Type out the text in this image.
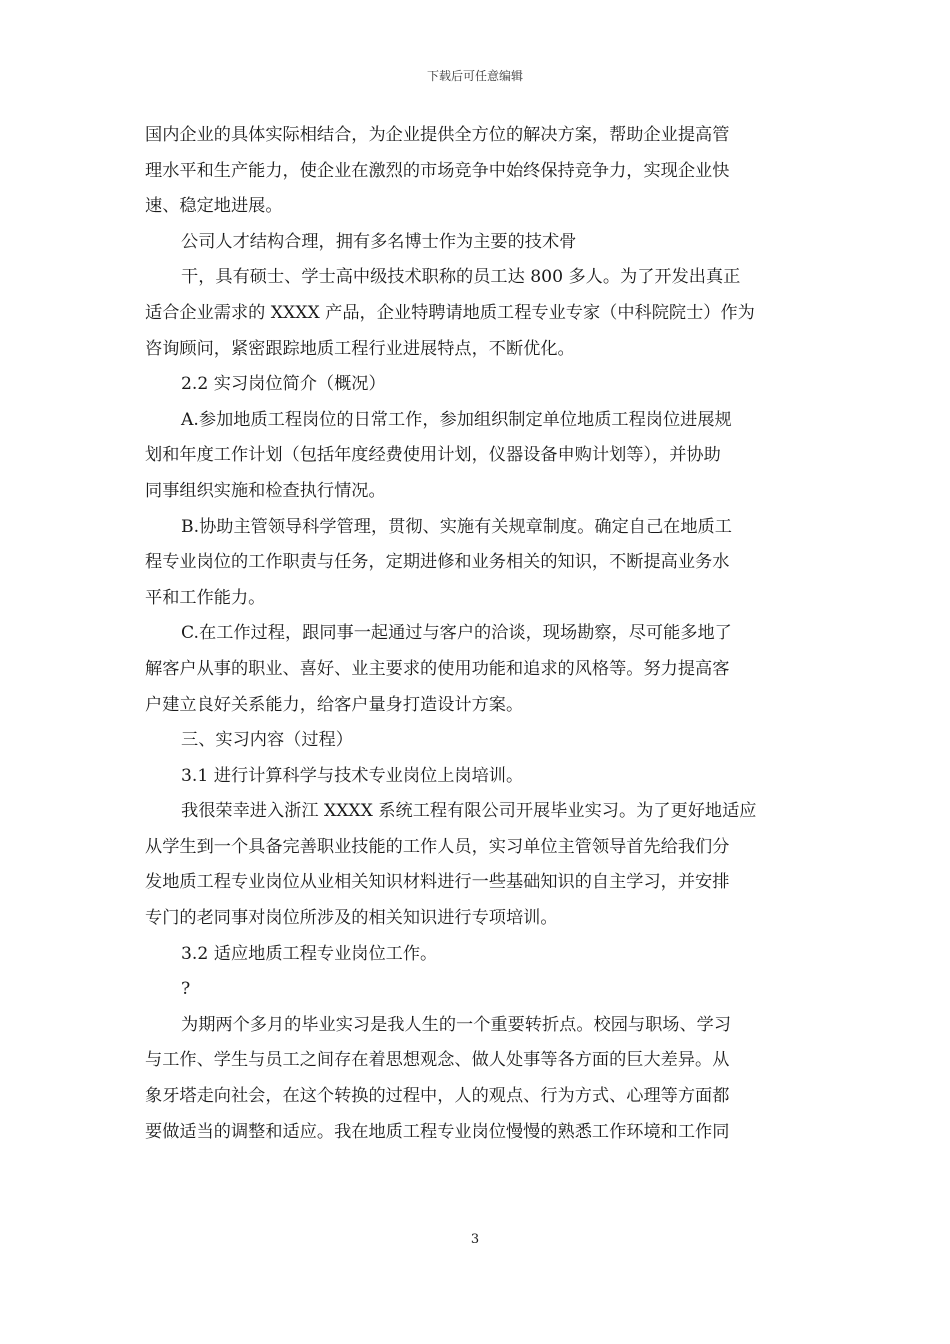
下载后可任意编辑
国内企业的具体实际相结合，为企业提供全方位的解决方案，帮助企业提高管
理水平和生产能力，使企业在激烈的市场竞争中始终保持竞争力，实现企业快
速、稳定地进展。
公司人才结构合理，拥有多名博士作为主要的技术骨
干，具有硕士、学士高中级技术职称的员工达 800 多人。为了开发出真正
适合企业需求的 XXXX 产品，企业特聘请地质工程专业专家（中科院院士）作为
咨询顾问，紧密跟踪地质工程行业进展特点，不断优化。
2.2 实习岗位简介（概况）
A.参加地质工程岗位的日常工作，参加组织制定单位地质工程岗位进展规
划和年度工作计划（包括年度经费使用计划，仪器设备申购计划等），并协助
同事组织实施和检查执行情况。
B.协助主管领导科学管理，贯彻、实施有关规章制度。确定自己在地质工
程专业岗位的工作职责与任务，定期进修和业务相关的知识，不断提高业务水
平和工作能力。
C.在工作过程，跟同事一起通过与客户的洽谈，现场勘察，尽可能多地了
解客户从事的职业、喜好、业主要求的使用功能和追求的风格等。努力提高客
户建立良好关系能力，给客户量身打造设计方案。
三、实习内容（过程）
3.1 进行计算科学与技术专业岗位上岗培训。
我很荣幸进入浙江 XXXX 系统工程有限公司开展毕业实习。为了更好地适应
从学生到一个具备完善职业技能的工作人员，实习单位主管领导首先给我们分
发地质工程专业岗位从业相关知识材料进行一些基础知识的自主学习，并安排
专门的老同事对岗位所涉及的相关知识进行专项培训。
3.2 适应地质工程专业岗位工作。
?
为期两个多月的毕业实习是我人生的一个重要转折点。校园与职场、学习
与工作、学生与员工之间存在着思想观念、做人处事等各方面的巨大差异。从
象牙塔走向社会，在这个转换的过程中，人的观点、行为方式、心理等方面都
要做适当的调整和适应。我在地质工程专业岗位慢慢的熟悉工作环境和工作同
3
